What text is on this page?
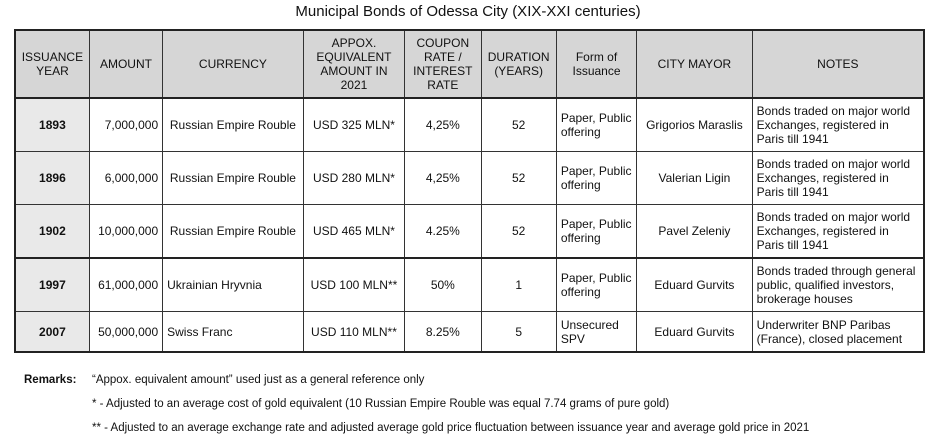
Municipal Bonds of Odessa City (XIX-XXI centuries)
ISSUANCE YEAR	AMOUNT	CURRENCY	APPOX. EQUIVALENT AMOUNT IN 2021	COUPON RATE / INTEREST RATE	DURATION (YEARS)	Form of Issuance	CITY MAYOR	NOTES
1893	7,000,000	Russian Empire Rouble	USD 325 MLN*	4,25%	52	Paper, Public offering	Grigorios Maraslis	Bonds traded on major world Exchanges, registered in Paris till 1941
1896	6,000,000	Russian Empire Rouble	USD 280 MLN*	4,25%	52	Paper, Public offering	Valerian Ligin	Bonds traded on major world Exchanges, registered in Paris till 1941
1902	10,000,000	Russian Empire Rouble	USD 465 MLN*	4.25%	52	Paper, Public offering	Pavel Zeleniy	Bonds traded on major world Exchanges, registered in Paris till 1941
1997	61,000,000	Ukrainian Hryvnia	USD 100 MLN**	50%	1	Paper, Public offering	Eduard Gurvits	Bonds traded through general public, qualified investors, brokerage houses
2007	50,000,000	Swiss Franc	USD 110 MLN**	8.25%	5	Unsecured SPV	Eduard Gurvits	Underwriter BNP Paribas (France), closed placement
Remarks: “Appox. equivalent amount” used just as a general reference only
* - Adjusted to an average cost of gold equivalent (10 Russian Empire Rouble was equal 7.74 grams of pure gold)
** - Adjusted to an average exchange rate and adjusted average gold price fluctuation between issuance year and average gold price in 2021
